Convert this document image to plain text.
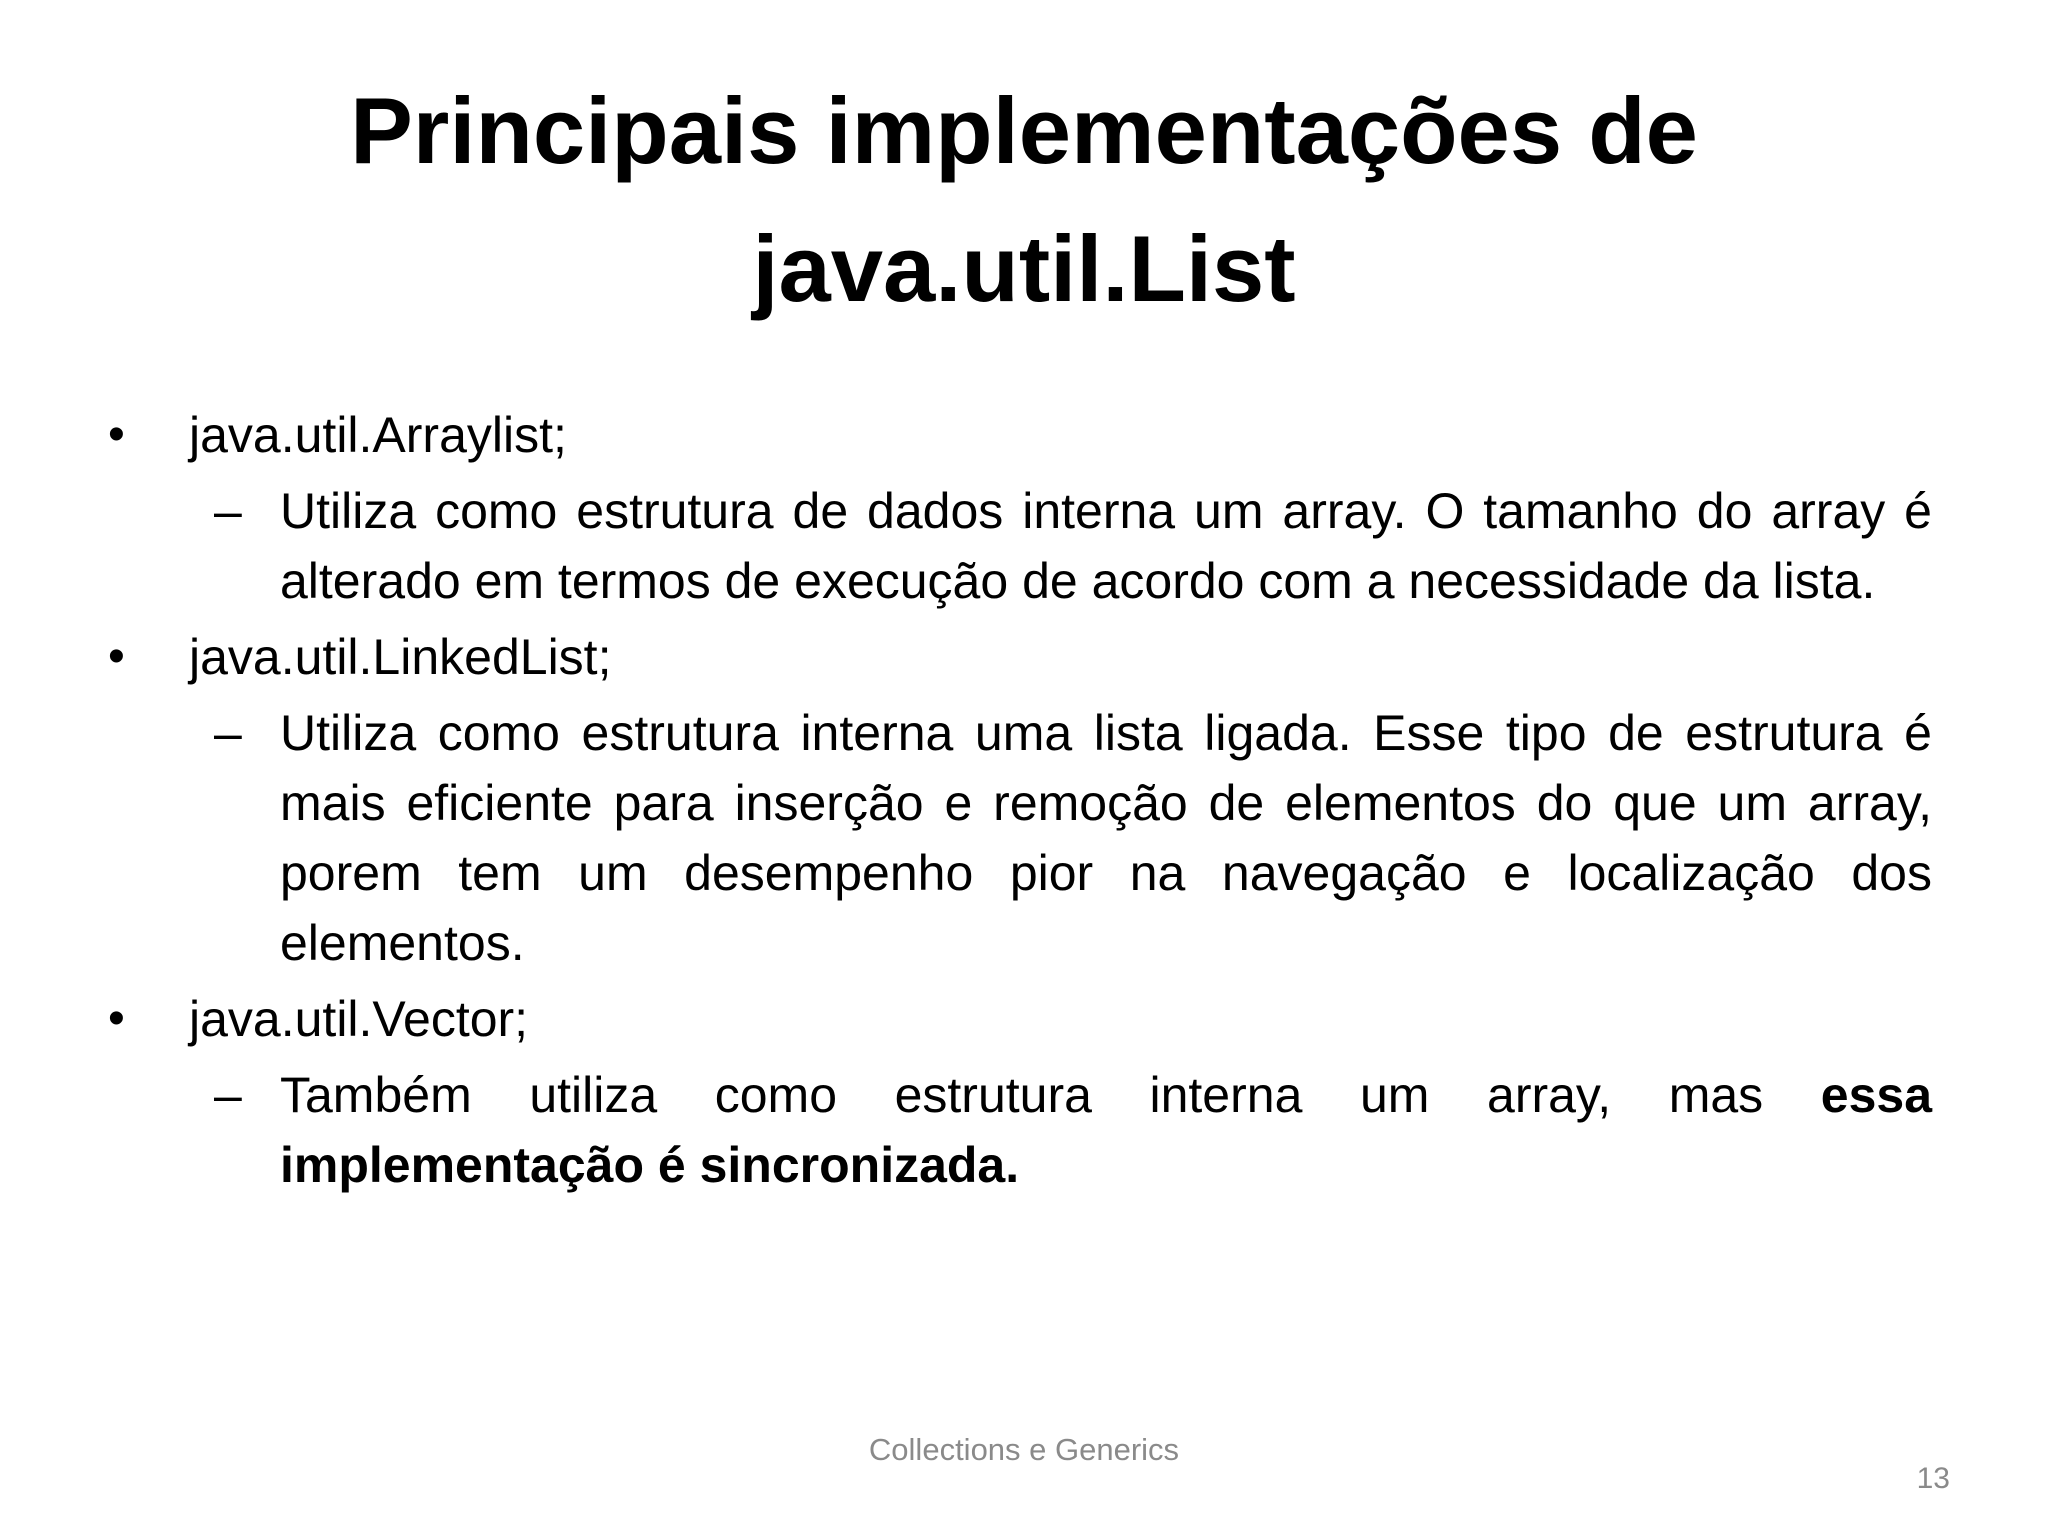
Principais implementações de
java.util.List
• java.util.Arraylist;
– Utiliza como estrutura de dados interna um array. O tamanho do array é alterado em termos de execução de acordo com a necessidade da lista.
• java.util.LinkedList;
– Utiliza como estrutura interna uma lista ligada. Esse tipo de estrutura é mais eficiente para inserção e remoção de elementos do que um array, porem tem um desempenho pior na navegação e localização dos elementos.
• java.util.Vector;
– Também utiliza como estrutura interna um array, mas essa implementação é sincronizada.
Collections e Generics
13
